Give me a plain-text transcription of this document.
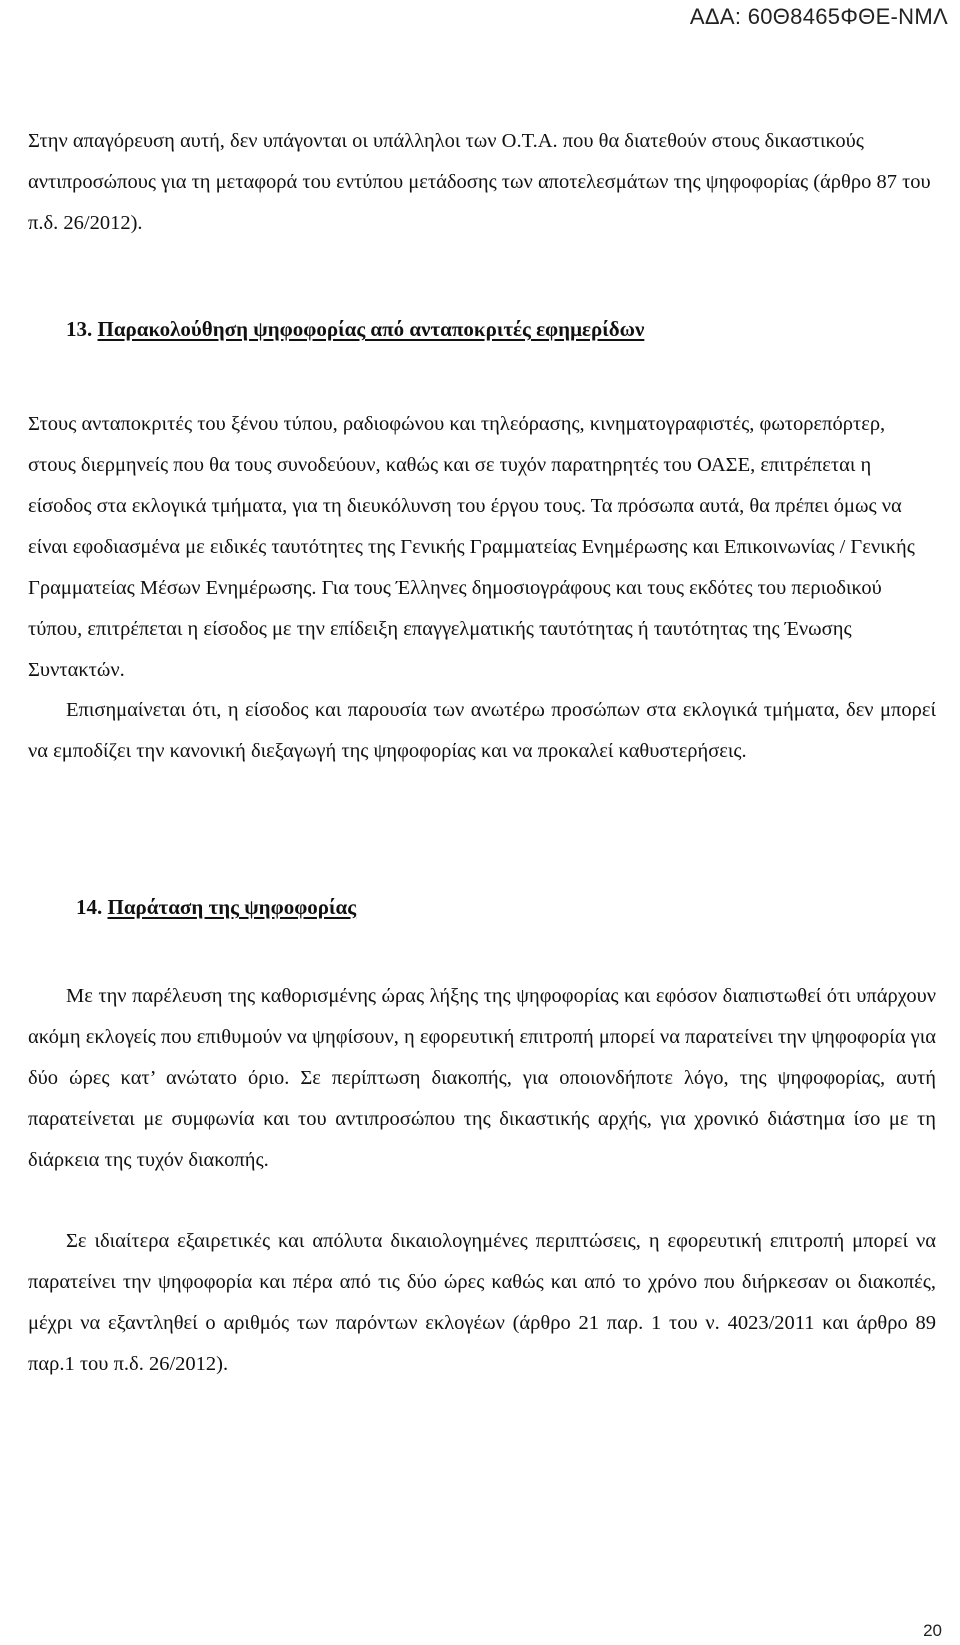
ΑΔΑ: 60Θ8465ΦΘΕ-ΝΜΛ

Στην απαγόρευση αυτή, δεν υπάγονται οι υπάλληλοι των Ο.Τ.Α. που θα διατεθούν στους δικαστικούς αντιπροσώπους για τη μεταφορά του εντύπου μετάδοσης των αποτελεσμάτων της ψηφοφορίας (άρθρο 87 του π.δ. 26/2012).

13. Παρακολούθηση ψηφοφορίας από ανταποκριτές εφημερίδων

Στους ανταποκριτές του ξένου τύπου, ραδιοφώνου και τηλεόρασης, κινηματογραφιστές, φωτορεπόρτερ, στους διερμηνείς που θα τους συνοδεύουν, καθώς και σε τυχόν παρατηρητές του ΟΑΣΕ, επιτρέπεται η είσοδος στα εκλογικά τμήματα, για τη διευκόλυνση του έργου τους. Τα πρόσωπα αυτά, θα πρέπει όμως να είναι εφοδιασμένα με ειδικές ταυτότητες της Γενικής Γραμματείας Ενημέρωσης και Επικοινωνίας / Γενικής Γραμματείας Μέσων Ενημέρωσης. Για τους Έλληνες δημοσιογράφους και τους εκδότες του περιοδικού τύπου, επιτρέπεται η είσοδος με την επίδειξη επαγγελματικής ταυτότητας ή ταυτότητας της Ένωσης Συντακτών.

Επισημαίνεται ότι, η είσοδος και παρουσία των ανωτέρω προσώπων στα εκλογικά τμήματα, δεν μπορεί να εμποδίζει την κανονική διεξαγωγή της ψηφοφορίας και να προκαλεί καθυστερήσεις.

14. Παράταση της ψηφοφορίας

Με την παρέλευση της καθορισμένης ώρας λήξης της ψηφοφορίας και εφόσον διαπιστωθεί ότι υπάρχουν ακόμη εκλογείς που επιθυμούν να ψηφίσουν, η εφορευτική επιτροπή μπορεί να παρατείνει την ψηφοφορία για δύο ώρες κατ’ ανώτατο όριο. Σε περίπτωση διακοπής, για οποιονδήποτε λόγο, της ψηφοφορίας, αυτή παρατείνεται με συμφωνία και του αντιπροσώπου της δικαστικής αρχής, για χρονικό διάστημα ίσο με τη διάρκεια της τυχόν διακοπής.

Σε ιδιαίτερα εξαιρετικές και απόλυτα δικαιολογημένες περιπτώσεις, η εφορευτική επιτροπή μπορεί να παρατείνει την ψηφοφορία και πέρα από τις δύο ώρες καθώς και από το χρόνο που διήρκεσαν οι διακοπές, μέχρι να εξαντληθεί ο αριθμός των παρόντων εκλογέων (άρθρο 21 παρ. 1 του ν. 4023/2011 και άρθρο 89 παρ.1 του π.δ. 26/2012).

20
